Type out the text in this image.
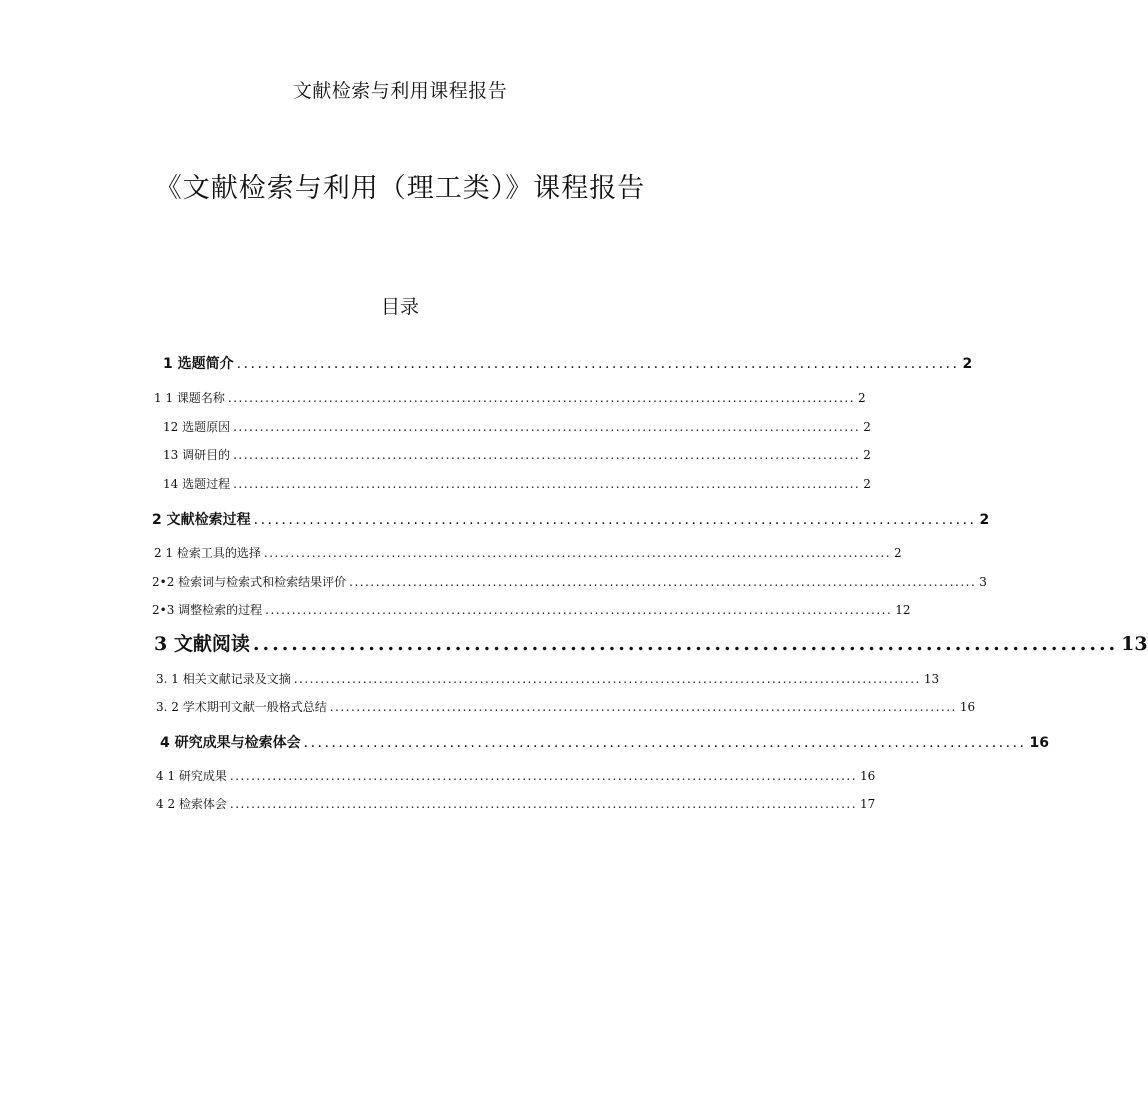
文献检索与利用课程报告
《文献检索与利用（理工类）》课程报告
目录
1 选题简介 ........................................................................................................ 2
1 1 课题名称 ...................................................................................................................... 2
12 选题原因 ...................................................................................................................... 2
13 调研目的 ...................................................................................................................... 2
14 选题过程 ...................................................................................................................... 2
2 文献检索过程 ........................................................................................................ 2
2 1 检索工具的选择 ...................................................................................................................... 2
2•2 检索词与检索式和检索结果评价 ...................................................................................................................... 3
2•3 调整检索的过程 ...................................................................................................................... 12
3 文献阅读 .......................................................................................... 13
3. 1 相关文献记录及文摘 ...................................................................................................................... 13
3. 2 学术期刊文献一般格式总结 ...................................................................................................................... 16
4 研究成果与检索体会 ........................................................................................................ 16
4 1 研究成果 ...................................................................................................................... 16
4 2 检索体会 ...................................................................................................................... 17
